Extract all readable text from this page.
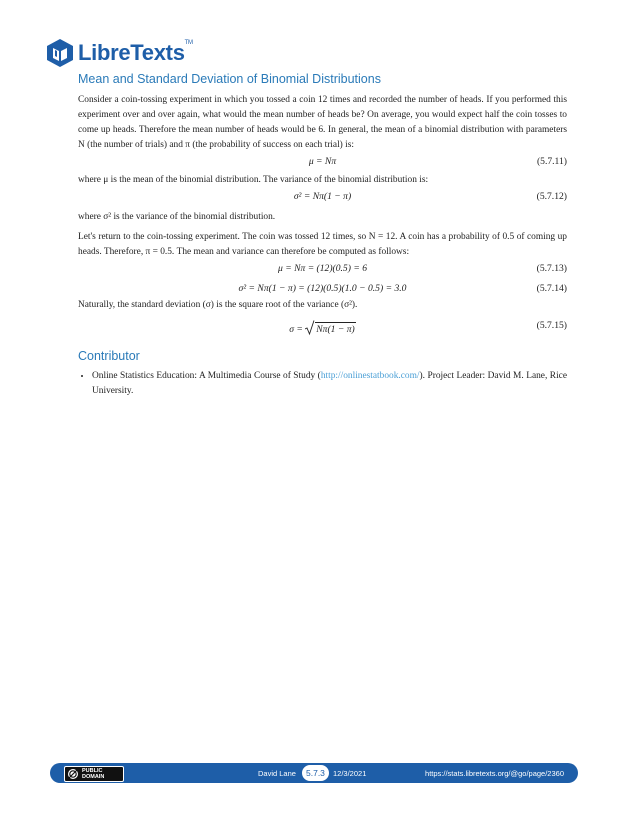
LibreTexts™
Mean and Standard Deviation of Binomial Distributions

Consider a coin-tossing experiment in which you tossed a coin 12 times and recorded the number of heads. If you performed this experiment over and over again, what would the mean number of heads be? On average, you would expect half the coin tosses to come up heads. Therefore the mean number of heads would be 6. In general, the mean of a binomial distribution with parameters N (the number of trials) and π (the probability of success on each trial) is:

μ = Nπ	(5.7.11)

where μ is the mean of the binomial distribution. The variance of the binomial distribution is:

σ² = Nπ(1 − π)	(5.7.12)

where σ² is the variance of the binomial distribution.

Let's return to the coin-tossing experiment. The coin was tossed 12 times, so N = 12. A coin has a probability of 0.5 of coming up heads. Therefore, π = 0.5. The mean and variance can therefore be computed as follows:

μ = Nπ = (12)(0.5) = 6	(5.7.13)
σ² = Nπ(1 − π) = (12)(0.5)(1.0 − 0.5) = 3.0	(5.7.14)

Naturally, the standard deviation (σ) is the square root of the variance (σ²).

σ = Nπ(1 − π)	(5.7.15)
Contributor
• Online Statistics Education: A Multimedia Course of Study (http://onlinestatbook.com/). Project Leader: David M. Lane, Rice University.
PUBLIC
DOMAIN	David Lane	5.7.3	12/3/2021	https://stats.libretexts.org/@go/page/2360
